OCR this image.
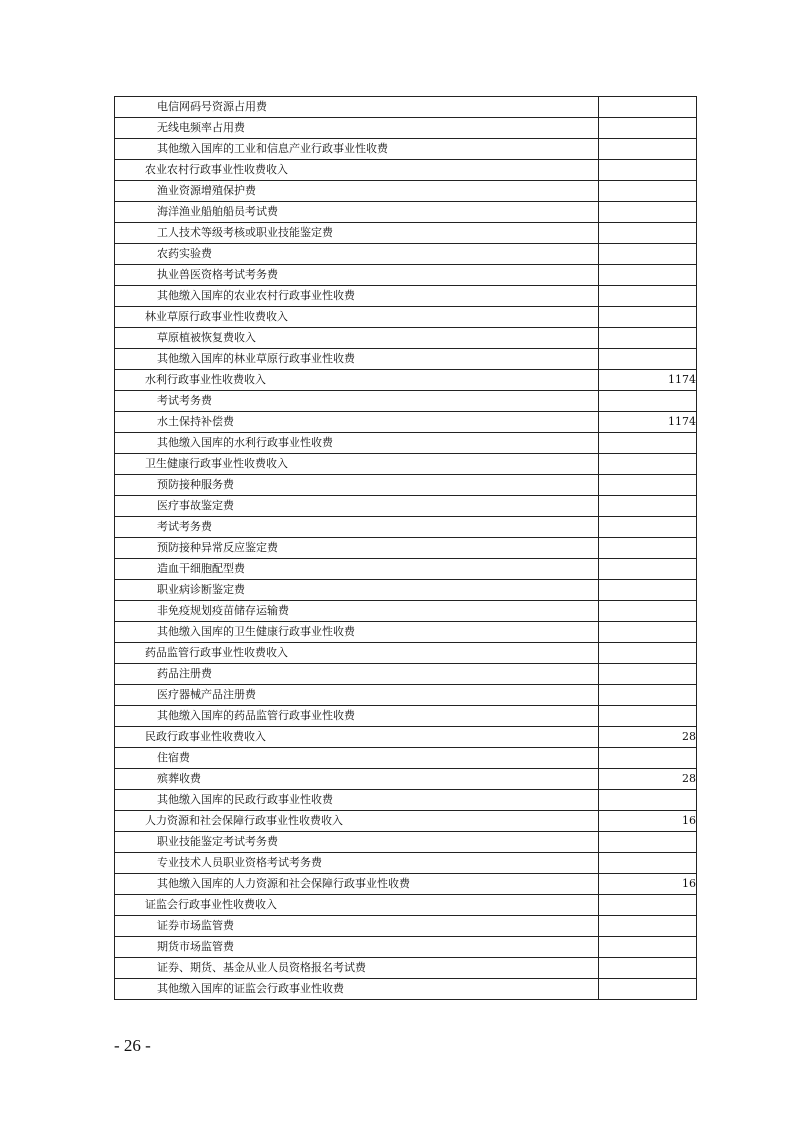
电信网码号资源占用费	
无线电频率占用费	
其他缴入国库的工业和信息产业行政事业性收费	
农业农村行政事业性收费收入	
渔业资源增殖保护费	
海洋渔业船舶船员考试费	
工人技术等级考核或职业技能鉴定费	
农药实验费	
执业兽医资格考试考务费	
其他缴入国库的农业农村行政事业性收费	
林业草原行政事业性收费收入	
草原植被恢复费收入	
其他缴入国库的林业草原行政事业性收费	
水利行政事业性收费收入	1174
考试考务费	
水土保持补偿费	1174
其他缴入国库的水利行政事业性收费	
卫生健康行政事业性收费收入	
预防接种服务费	
医疗事故鉴定费	
考试考务费	
预防接种异常反应鉴定费	
造血干细胞配型费	
职业病诊断鉴定费	
非免疫规划疫苗储存运输费	
其他缴入国库的卫生健康行政事业性收费	
药品监管行政事业性收费收入	
药品注册费	
医疗器械产品注册费	
其他缴入国库的药品监管行政事业性收费	
民政行政事业性收费收入	28
住宿费	
殡葬收费	28
其他缴入国库的民政行政事业性收费	
人力资源和社会保障行政事业性收费收入	16
职业技能鉴定考试考务费	
专业技术人员职业资格考试考务费	
其他缴入国库的人力资源和社会保障行政事业性收费	16
证监会行政事业性收费收入	
证券市场监管费	
期货市场监管费	
证券、期货、基金从业人员资格报名考试费	
其他缴入国库的证监会行政事业性收费	
- 26 -
